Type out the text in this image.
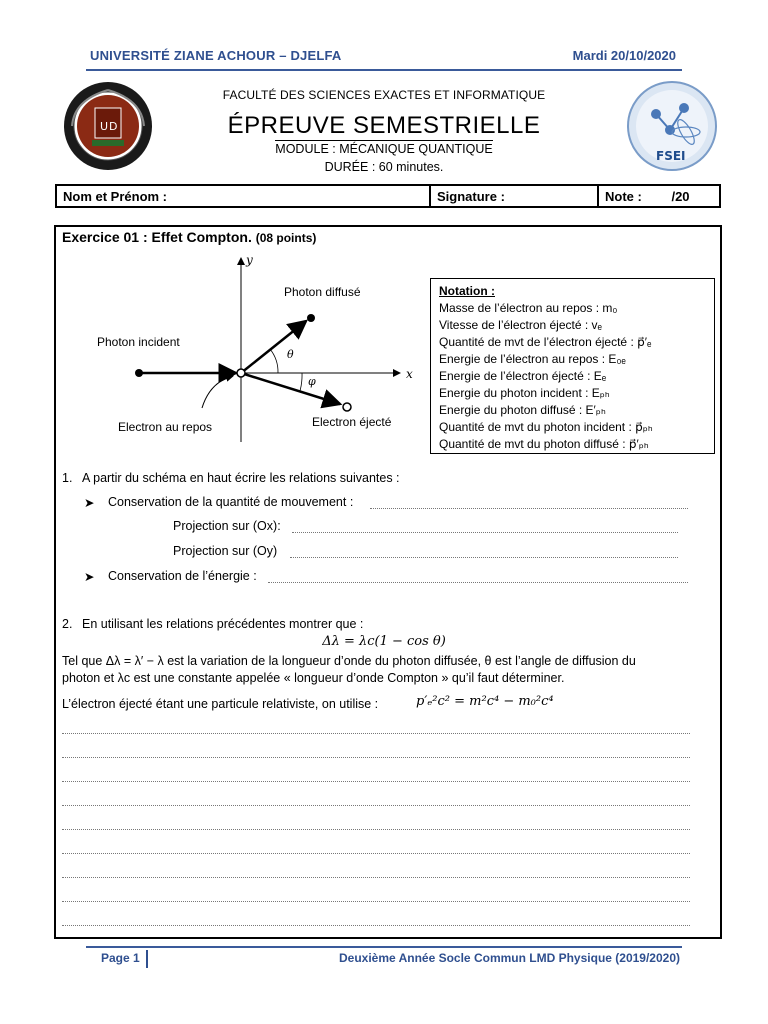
UNIVERSITÉ ZIANE ACHOUR – DJELFA	Mardi 20/10/2020
U D
FSEI
FACULTÉ DES SCIENCES EXACTES ET INFORMATIQUE
ÉPREUVE SEMESTRIELLE
MODULE : MÉCANIQUE QUANTIQUE
DURÉE : 60 minutes.
Nom et Prénom :	Signature :	Note : /20
Exercice 01 : Effet Compton. (08 points)
y
x
θ
φ
Photon diffusé
Photon incident
Electron au repos	Electron éjecté
Notation :
Masse de l’électron au repos : m₀
Vitesse de l’électron éjecté : vₑ
Quantité de mvt de l’électron éjecté : p⃗′ₑ
Energie de l’électron au repos : E₀ₑ
Energie de l’électron éjecté : Eₑ
Energie du photon incident : Eₚₕ
Energie du photon diffusé : E′ₚₕ
Quantité de mvt du photon incident : p⃗ₚₕ
Quantité de mvt du photon diffusé : p⃗′ₚₕ
1. A partir du schéma en haut écrire les relations suivantes :
➤ Conservation de la quantité de mouvement :
Projection sur (Ox):
Projection sur (Oy)
➤ Conservation de l’énergie :
2. En utilisant les relations précédentes montrer que :
Δλ = λc(1 − cos θ)
Tel que Δλ = λ′ − λ est la variation de la longueur d’onde du photon diffusée, θ est l’angle de diffusion du
photon et λc est une constante appelée « longueur d’onde Compton » qu’il faut déterminer.
L’électron éjecté étant une particule relativiste, on utilise :	p′ₑ²c² = m²c⁴ − m₀²c⁴
Page 1	Deuxième Année Socle Commun LMD Physique (2019/2020)
